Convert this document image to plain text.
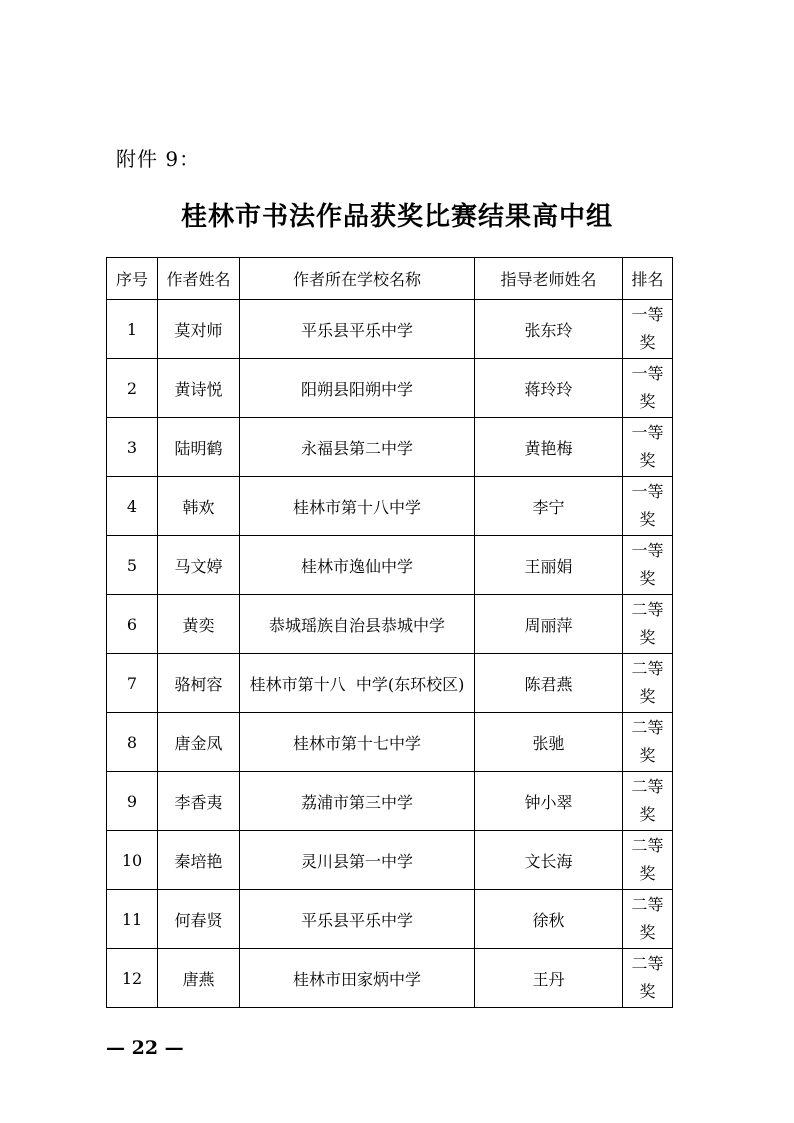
附件 9：
桂林市书法作品获奖比赛结果高中组
序号	作者姓名	作者所在学校名称	指导老师姓名	排名
1	莫对师	平乐县平乐中学	张东玲	一等奖
2	黄诗悦	阳朔县阳朔中学	蒋玲玲	一等奖
3	陆明鹤	永福县第二中学	黄艳梅	一等奖
4	韩欢	桂林市第十八中学	李宁	一等奖
5	马文婷	桂林市逸仙中学	王丽娟	一等奖
6	黄奕	恭城瑶族自治县恭城中学	周丽萍	二等奖
7	骆柯容	桂林市第十八  中学(东环校区)	陈君燕	二等奖
8	唐金凤	桂林市第十七中学	张驰	二等奖
9	李香夷	荔浦市第三中学	钟小翠	二等奖
10	秦培艳	灵川县第一中学	文长海	二等奖
11	何春贤	平乐县平乐中学	徐秋	二等奖
12	唐燕	桂林市田家炳中学	王丹	二等奖
— 22 —
